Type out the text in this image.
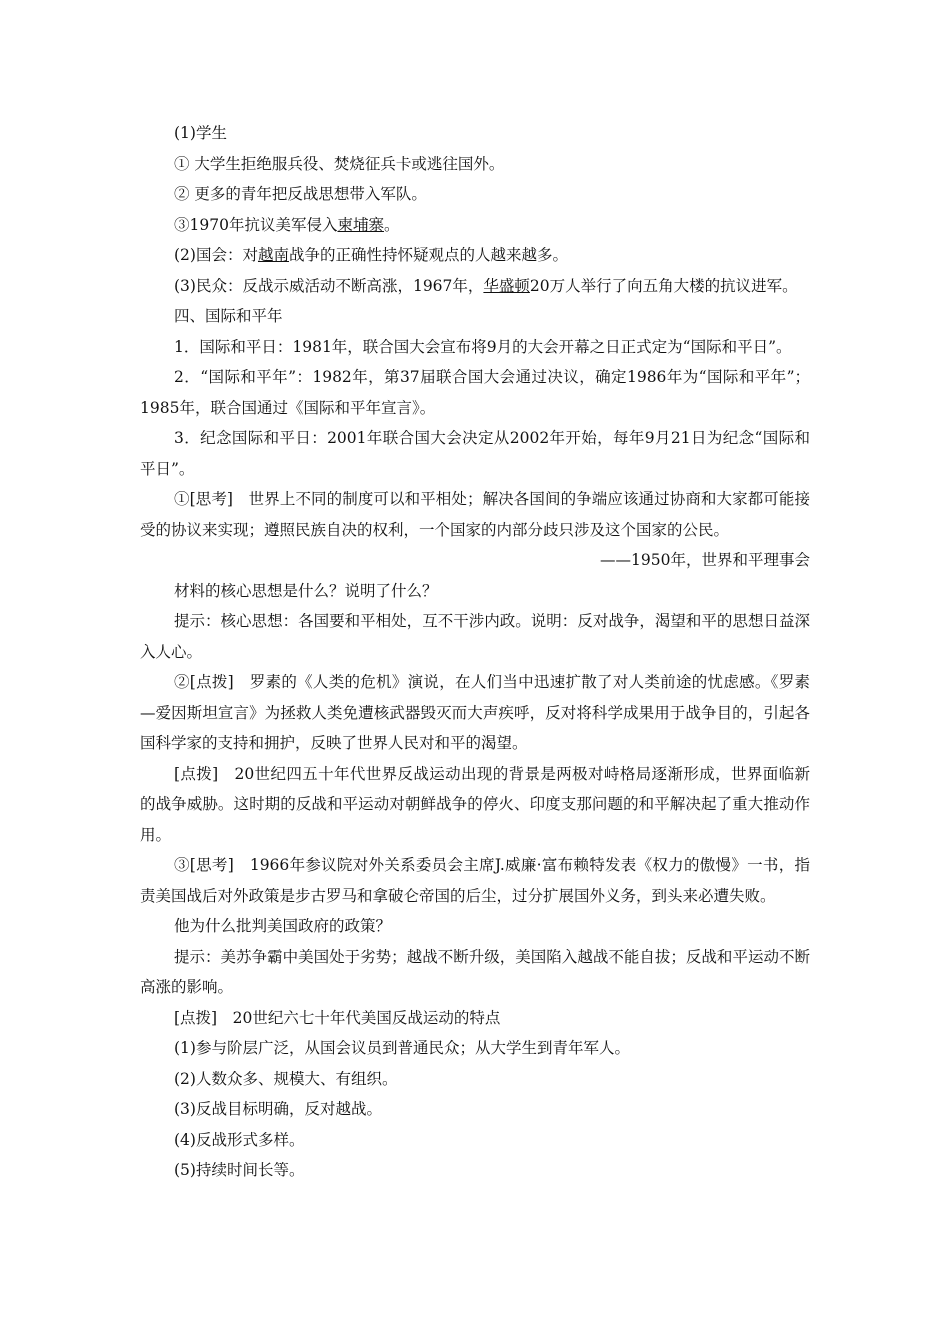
(1)学生

① 大学生拒绝服兵役、焚烧征兵卡或逃往国外。

② 更多的青年把反战思想带入军队。

③1970年抗议美军侵入柬埔寨。

(2)国会：对越南战争的正确性持怀疑观点的人越来越多。

(3)民众：反战示威活动不断高涨，1967年，华盛顿20万人举行了向五角大楼的抗议进军。

四、国际和平年

1．国际和平日：1981年，联合国大会宣布将9月的大会开幕之日正式定为“国际和平日”。

2．“国际和平年”：1982年，第37届联合国大会通过决议，确定1986年为“国际和平年”；1985年，联合国通过《国际和平年宣言》。

3．纪念国际和平日：2001年联合国大会决定从2002年开始，每年9月21日为纪念“国际和平日”。

①[思考]　世界上不同的制度可以和平相处；解决各国间的争端应该通过协商和大家都可能接受的协议来实现；遵照民族自决的权利，一个国家的内部分歧只涉及这个国家的公民。

——1950年，世界和平理事会

材料的核心思想是什么？说明了什么？

提示：核心思想：各国要和平相处，互不干涉内政。说明：反对战争，渴望和平的思想日益深入人心。

②[点拨]　罗素的《人类的危机》演说，在人们当中迅速扩散了对人类前途的忧虑感。《罗素—爱因斯坦宣言》为拯救人类免遭核武器毁灭而大声疾呼，反对将科学成果用于战争目的，引起各国科学家的支持和拥护，反映了世界人民对和平的渴望。

[点拨]　20世纪四五十年代世界反战运动出现的背景是两极对峙格局逐渐形成，世界面临新的战争威胁。这时期的反战和平运动对朝鲜战争的停火、印度支那问题的和平解决起了重大推动作用。

③[思考]　1966年参议院对外关系委员会主席J.威廉·富布赖特发表《权力的傲慢》一书，指责美国战后对外政策是步古罗马和拿破仑帝国的后尘，过分扩展国外义务，到头来必遭失败。

他为什么批判美国政府的政策？

提示：美苏争霸中美国处于劣势；越战不断升级，美国陷入越战不能自拔；反战和平运动不断高涨的影响。

[点拨]　20世纪六七十年代美国反战运动的特点

(1)参与阶层广泛，从国会议员到普通民众；从大学生到青年军人。

(2)人数众多、规模大、有组织。

(3)反战目标明确，反对越战。

(4)反战形式多样。

(5)持续时间长等。
